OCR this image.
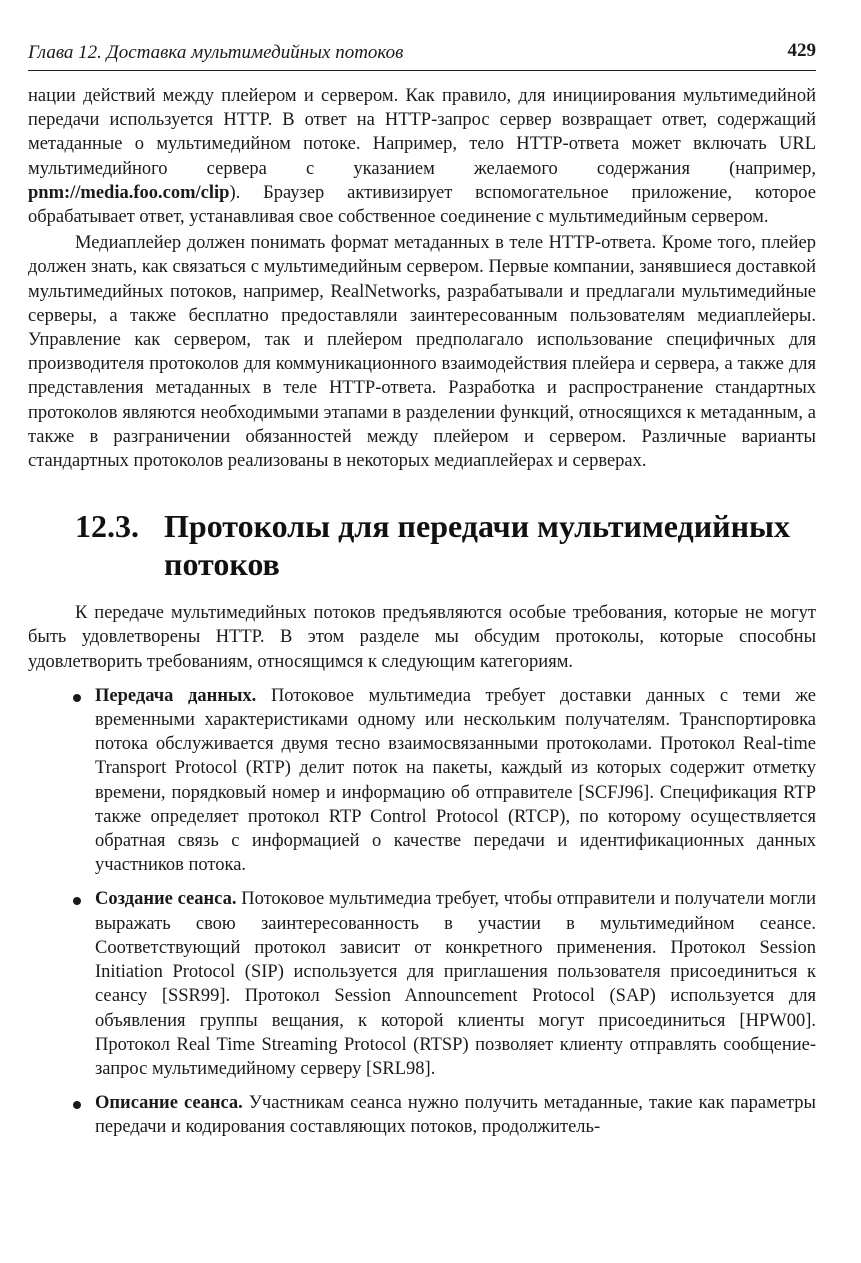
Глава 12. Доставка мультимедийных потоков	429

нации действий между плейером и сервером. Как правило, для инициирования мультимедийной передачи используется HTTP. В ответ на HTTP-запрос сервер возвращает ответ, содержащий метаданные о мультимедийном потоке. Например, тело HTTP-ответа может включать URL мультимедийного сервера с указанием желаемого содержания (например, pnm://media.foo.com/clip). Браузер активизирует вспомогательное приложение, которое обрабатывает ответ, устанавливая свое собственное соединение с мультимедийным сервером.

Медиаплейер должен понимать формат метаданных в теле HTTP-ответа. Кроме того, плейер должен знать, как связаться с мультимедийным сервером. Первые компании, занявшиеся доставкой мультимедийных потоков, например, RealNetworks, разрабатывали и предлагали мультимедийные серверы, а также бесплатно предоставляли заинтересованным пользователям медиаплейеры. Управление как сервером, так и плейером предполагало использование специфичных для производителя протоколов для коммуникационного взаимодействия плейера и сервера, а также для представления метаданных в теле HTTP-ответа. Разработка и распространение стандартных протоколов являются необходимыми этапами в разделении функций, относящихся к метаданным, а также в разграничении обязанностей между плейером и сервером. Различные варианты стандартных протоколов реализованы в некоторых медиаплейерах и серверах.

12.3. Протоколы для передачи мультимедийных потоков

К передаче мультимедийных потоков предъявляются особые требования, которые не могут быть удовлетворены HTTP. В этом разделе мы обсудим протоколы, которые способны удовлетворить требованиям, относящимся к следующим категориям.

Передача данных. Потоковое мультимедиа требует доставки данных с теми же временными характеристиками одному или нескольким получателям. Транспортировка потока обслуживается двумя тесно взаимосвязанными протоколами. Протокол Real-time Transport Protocol (RTP) делит поток на пакеты, каждый из которых содержит отметку времени, порядковый номер и информацию об отправителе [SCFJ96]. Спецификация RTP также определяет протокол RTP Control Protocol (RTCP), по которому осуществляется обратная связь с информацией о качестве передачи и идентификационных данных участников потока.

Создание сеанса. Потоковое мультимедиа требует, чтобы отправители и получатели могли выражать свою заинтересованность в участии в мультимедийном сеансе. Соответствующий протокол зависит от конкретного применения. Протокол Session Initiation Protocol (SIP) используется для приглашения пользователя присоединиться к сеансу [SSR99]. Протокол Session Announcement Protocol (SAP) используется для объявления группы вещания, к которой клиенты могут присоединиться [HPW00]. Протокол Real Time Streaming Protocol (RTSP) позволяет клиенту отправлять сообщение-запрос мультимедийному серверу [SRL98].

Описание сеанса. Участникам сеанса нужно получить метаданные, такие как параметры передачи и кодирования составляющих потоков, продолжитель-
